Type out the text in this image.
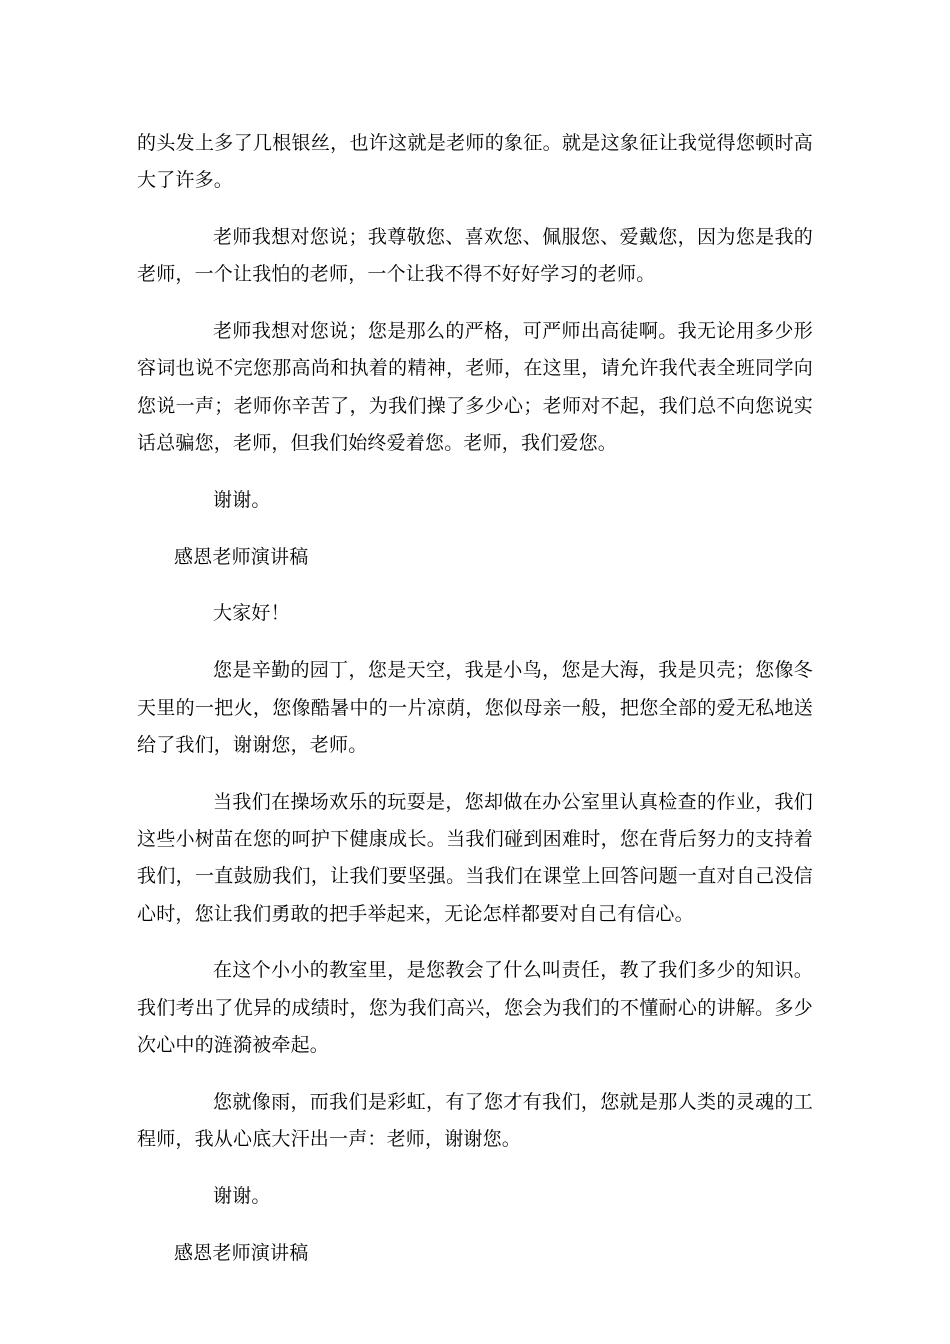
的头发上多了几根银丝，也许这就是老师的象征。就是这象征让我觉得您顿时高大了许多。

老师我想对您说；我尊敬您、喜欢您、佩服您、爱戴您，因为您是我的老师，一个让我怕的老师，一个让我不得不好好学习的老师。

老师我想对您说；您是那么的严格，可严师出高徒啊。我无论用多少形容词也说不完您那高尚和执着的精神，老师，在这里，请允许我代表全班同学向您说一声；老师你辛苦了，为我们操了多少心；老师对不起，我们总不向您说实话总骗您，老师，但我们始终爱着您。老师，我们爱您。

谢谢。

感恩老师演讲稿

大家好！

您是辛勤的园丁，您是天空，我是小鸟，您是大海，我是贝壳；您像冬天里的一把火，您像酷暑中的一片凉荫，您似母亲一般，把您全部的爱无私地送给了我们，谢谢您，老师。

当我们在操场欢乐的玩耍是，您却做在办公室里认真检查的作业，我们这些小树苗在您的呵护下健康成长。当我们碰到困难时，您在背后努力的支持着我们，一直鼓励我们，让我们要坚强。当我们在课堂上回答问题一直对自己没信心时，您让我们勇敢的把手举起来，无论怎样都要对自己有信心。

在这个小小的教室里，是您教会了什么叫责任，教了我们多少的知识。我们考出了优异的成绩时，您为我们高兴，您会为我们的不懂耐心的讲解。多少次心中的涟漪被牵起。

您就像雨，而我们是彩虹，有了您才有我们，您就是那人类的灵魂的工程师，我从心底大汗出一声：老师，谢谢您。

谢谢。

感恩老师演讲稿
